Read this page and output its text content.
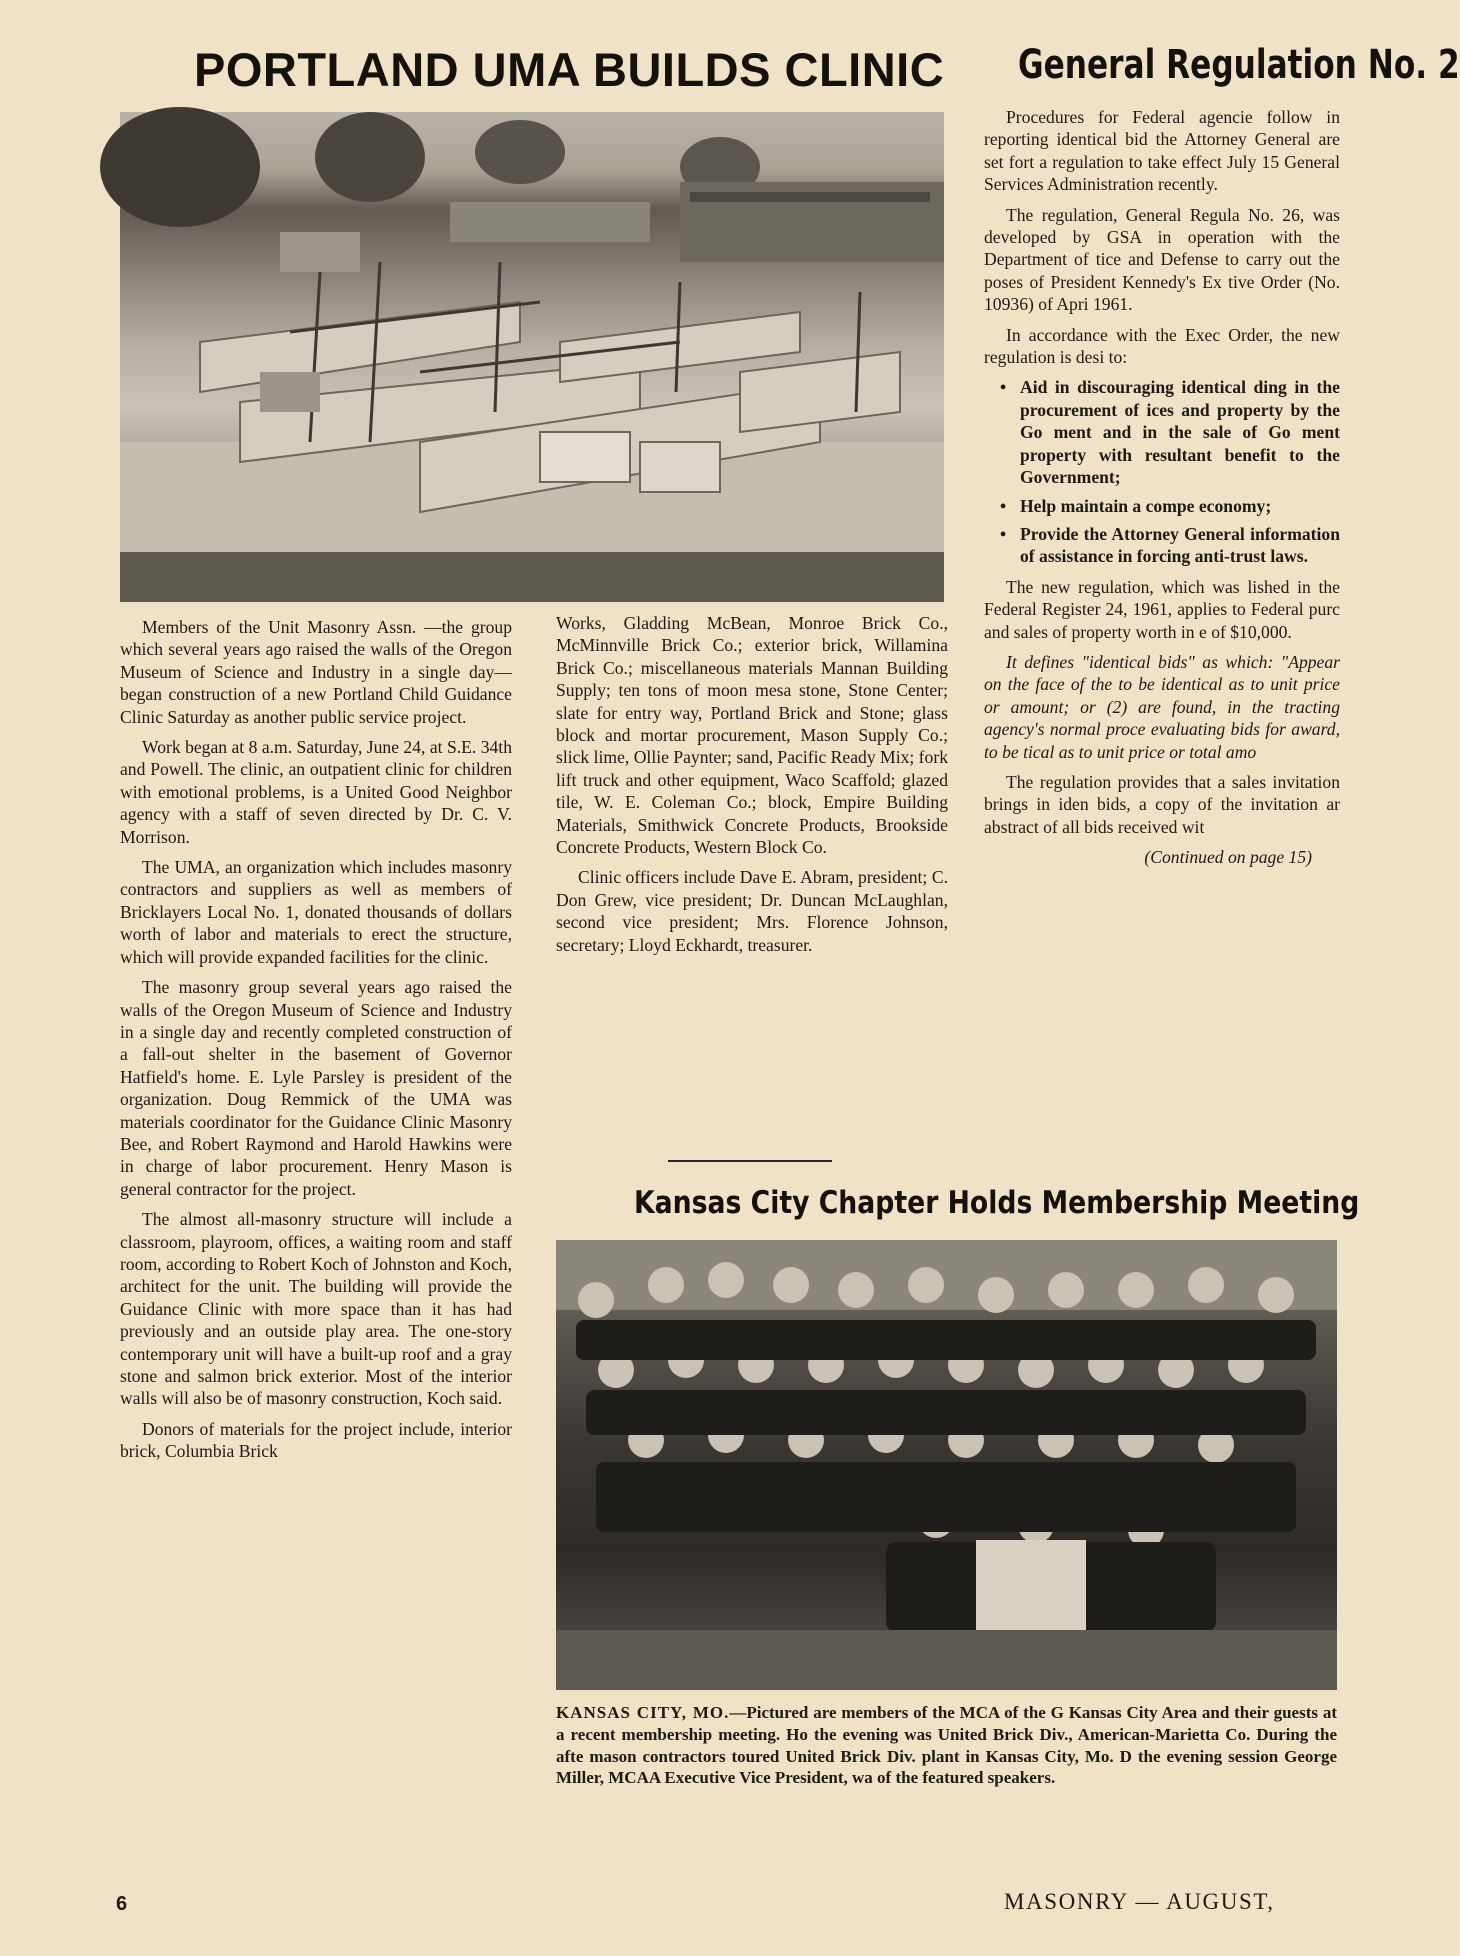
PORTLAND UMA BUILDS CLINIC General Regulation No. 2

Members of the Unit Masonry Assn. —the group which several years ago raised the walls of the Oregon Museum of Science and Industry in a single day—began construction of a new Portland Child Guidance Clinic Saturday as another public service project.

Work began at 8 a.m. Saturday, June 24, at S.E. 34th and Powell. The clinic, an outpatient clinic for children with emotional problems, is a United Good Neighbor agency with a staff of seven directed by Dr. C. V. Morrison.

The UMA, an organization which includes masonry contractors and suppliers as well as members of Bricklayers Local No. 1, donated thousands of dollars worth of labor and materials to erect the structure, which will provide expanded facilities for the clinic.

The masonry group several years ago raised the walls of the Oregon Museum of Science and Industry in a single day and recently completed construction of a fall-out shelter in the basement of Governor Hatfield's home. E. Lyle Parsley is president of the organization. Doug Remmick of the UMA was materials coordinator for the Guidance Clinic Masonry Bee, and Robert Raymond and Harold Hawkins were in charge of labor procurement. Henry Mason is general contractor for the project.

The almost all-masonry structure will include a classroom, playroom, offices, a waiting room and staff room, according to Robert Koch of Johnston and Koch, architect for the unit. The building will provide the Guidance Clinic with more space than it has had previously and an outside play area. The one-story contemporary unit will have a built-up roof and a gray stone and salmon brick exterior. Most of the interior walls will also be of masonry construction, Koch said.

Donors of materials for the project include, interior brick, Columbia Brick

Works, Gladding McBean, Monroe Brick Co., McMinnville Brick Co.; exterior brick, Willamina Brick Co.; miscellaneous materials Mannan Building Supply; ten tons of moon mesa stone, Stone Center; slate for entry way, Portland Brick and Stone; glass block and mortar procurement, Mason Supply Co.; slick lime, Ollie Paynter; sand, Pacific Ready Mix; fork lift truck and other equipment, Waco Scaffold; glazed tile, W. E. Coleman Co.; block, Empire Building Materials, Smithwick Concrete Products, Brookside Concrete Products, Western Block Co.

Clinic officers include Dave E. Abram, president; C. Don Grew, vice president; Dr. Duncan McLaughlan, second vice president; Mrs. Florence Johnson, secretary; Lloyd Eckhardt, treasurer.

Procedures for Federal agencie follow in reporting identical bid the Attorney General are set fort a regulation to take effect July 15 General Services Administration recently.

The regulation, General Regula No. 26, was developed by GSA in operation with the Department of tice and Defense to carry out the poses of President Kennedy's Ex tive Order (No. 10936) of Apri 1961.

In accordance with the Exec Order, the new regulation is desi to:

• Aid in discouraging identical ding in the procurement of ices and property by the Go ment and in the sale of Go ment property with resultant benefit to the Government;
• Help maintain a compe economy;
• Provide the Attorney General information of assistance in forcing anti-trust laws.

The new regulation, which was lished in the Federal Register 24, 1961, applies to Federal purc and sales of property worth in e of $10,000.

It defines "identical bids" as which: "Appear on the face of the to be identical as to unit price or amount; or (2) are found, in the tracting agency's normal proce evaluating bids for award, to be tical as to unit price or total amo

The regulation provides that a sales invitation brings in iden bids, a copy of the invitation ar abstract of all bids received wit

(Continued on page 15)

Kansas City Chapter Holds Membership Meeting
KANSAS CITY, MO.—Pictured are members of the MCA of the G Kansas City Area and their guests at a recent membership meeting. Ho the evening was United Brick Div., American-Marietta Co. During the afte mason contractors toured United Brick Div. plant in Kansas City, Mo. D the evening session George Miller, MCAA Executive Vice President, wa of the featured speakers.
6	MASONRY — AUGUST,
